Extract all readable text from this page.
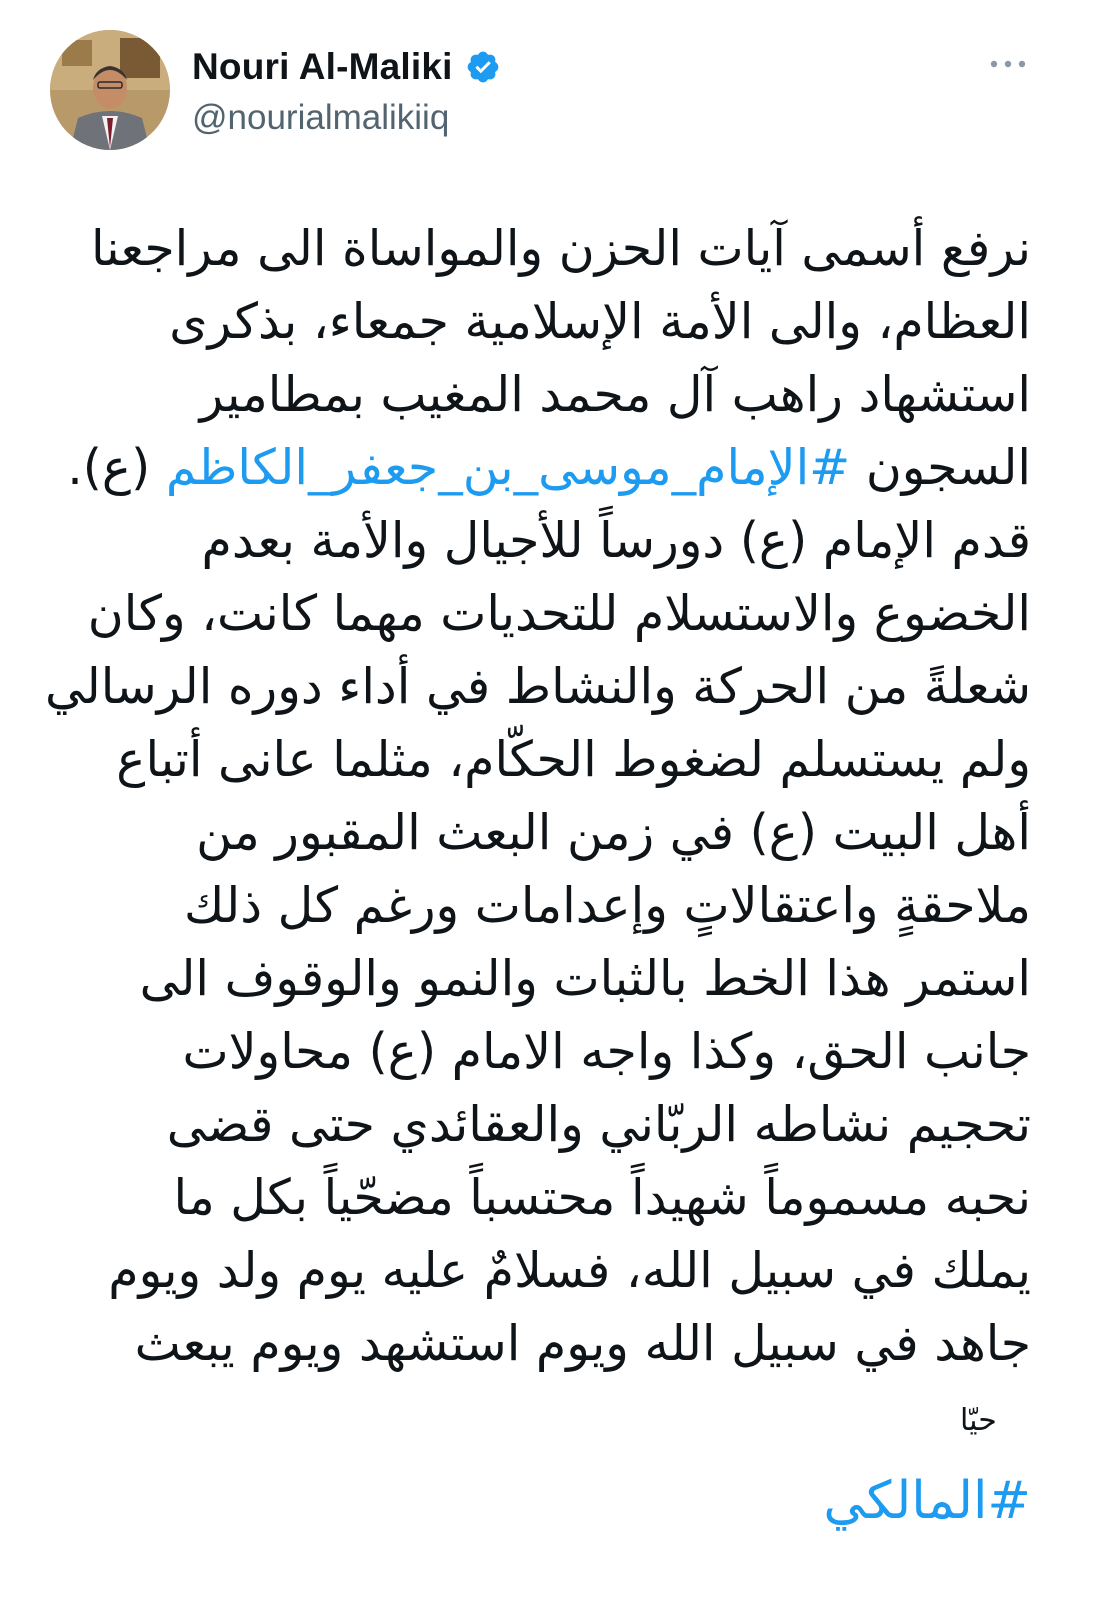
Nouri Al-Maliki
@nourialmalikiiq
نرفع أسمى آيات الحزن والمواساة الى مراجعنا
العظام، والى الأمة الإسلامية جمعاء، بذكرى
استشهاد راهب آل محمد المغيب بمطامير
السجون #الإمام_موسى_بن_جعفر_الكاظم (ع).
قدم الإمام (ع) دورساً للأجيال والأمة بعدم
الخضوع والاستسلام للتحديات مهما كانت، وكان
شعلةً من الحركة والنشاط في أداء دوره الرسالي
ولم يستسلم لضغوط الحكّام، مثلما عانى أتباع
أهل البيت (ع) في زمن البعث المقبور من
ملاحقةٍ واعتقالاتٍ وإعدامات ورغم كل ذلك
استمر هذا الخط بالثبات والنمو والوقوف الى
جانب الحق، وكذا واجه الامام (ع) محاولات
تحجيم نشاطه الربّاني والعقائدي حتى قضى
نحبه مسموماً شهيداً محتسباً مضحّياً بكل ما
يملك في سبيل الله، فسلامٌ عليه يوم ولد ويوم
جاهد في سبيل الله ويوم استشهد ويوم يبعث
حيّا
#المالكي
